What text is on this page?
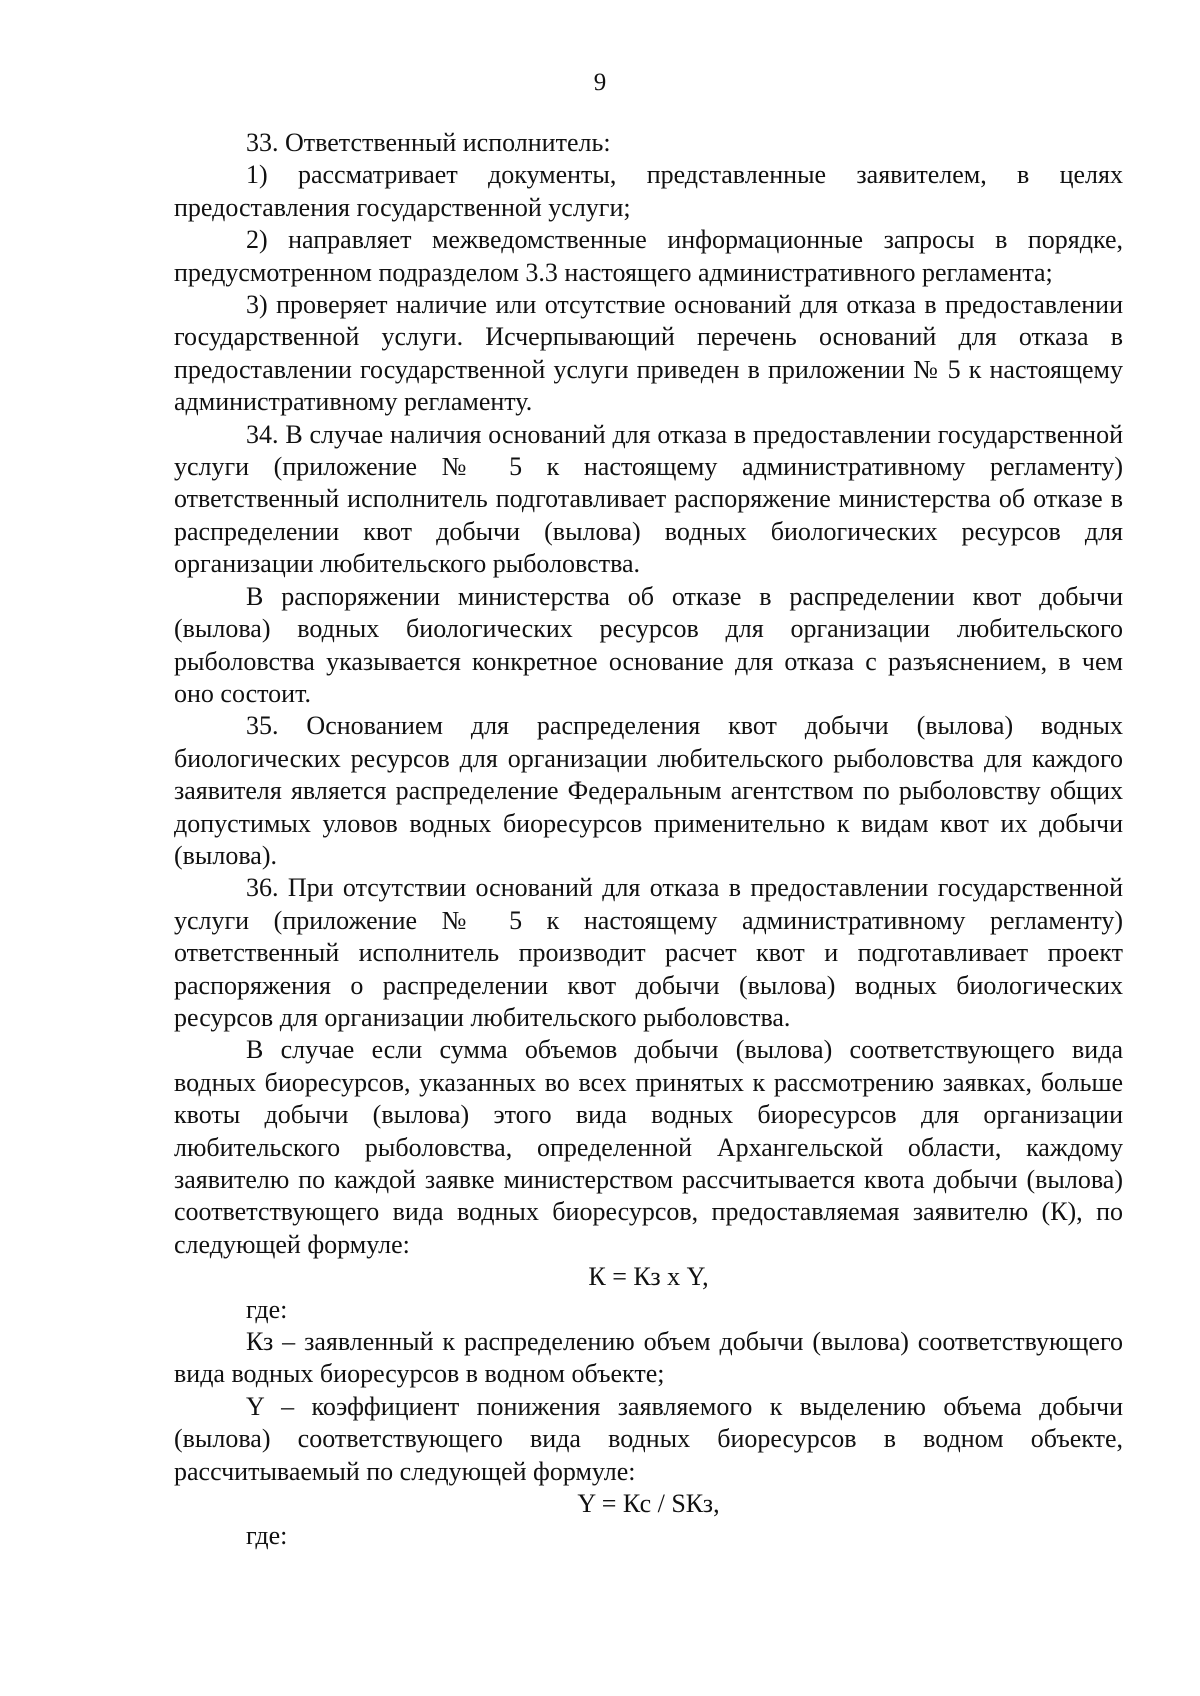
9

33. Ответственный исполнитель:

1) рассматривает документы, представленные заявителем, в целях предоставления государственной услуги;

2) направляет межведомственные информационные запросы в порядке, предусмотренном подразделом 3.3 настоящего административного регламента;

3) проверяет наличие или отсутствие оснований для отказа в предоставлении государственной услуги. Исчерпывающий перечень оснований для отказа в предоставлении государственной услуги приведен в приложении № 5 к настоящему административному регламенту.

34. В случае наличия оснований для отказа в предоставлении государственной услуги (приложение № 5 к настоящему административному регламенту) ответственный исполнитель подготавливает распоряжение министерства об отказе в распределении квот добычи (вылова) водных биологических ресурсов для организации любительского рыболовства.

В распоряжении министерства об отказе в распределении квот добычи (вылова) водных биологических ресурсов для организации любительского рыболовства указывается конкретное основание для отказа с разъяснением, в чем оно состоит.

35. Основанием для распределения квот добычи (вылова) водных биологических ресурсов для организации любительского рыболовства для каждого заявителя является распределение Федеральным агентством по рыболовству общих допустимых уловов водных биоресурсов применительно к видам квот их добычи (вылова).

36. При отсутствии оснований для отказа в предоставлении государственной услуги (приложение № 5 к настоящему административному регламенту) ответственный исполнитель производит расчет квот и подготавливает проект распоряжения о распределении квот добычи (вылова) водных биологических ресурсов для организации любительского рыболовства.

В случае если сумма объемов добычи (вылова) соответствующего вида водных биоресурсов, указанных во всех принятых к рассмотрению заявках, больше квоты добычи (вылова) этого вида водных биоресурсов для организации любительского рыболовства, определенной Архангельской области, каждому заявителю по каждой заявке министерством рассчитывается квота добычи (вылова) соответствующего вида водных биоресурсов, предоставляемая заявителю (К), по следующей формуле:

К = Кз х Y,

где:

Кз – заявленный к распределению объем добычи (вылова) соответствующего вида водных биоресурсов в водном объекте;

Y – коэффициент понижения заявляемого к выделению объема добычи (вылова) соответствующего вида водных биоресурсов в водном объекте, рассчитываемый по следующей формуле:

Y = Кс / SКз,

где:
